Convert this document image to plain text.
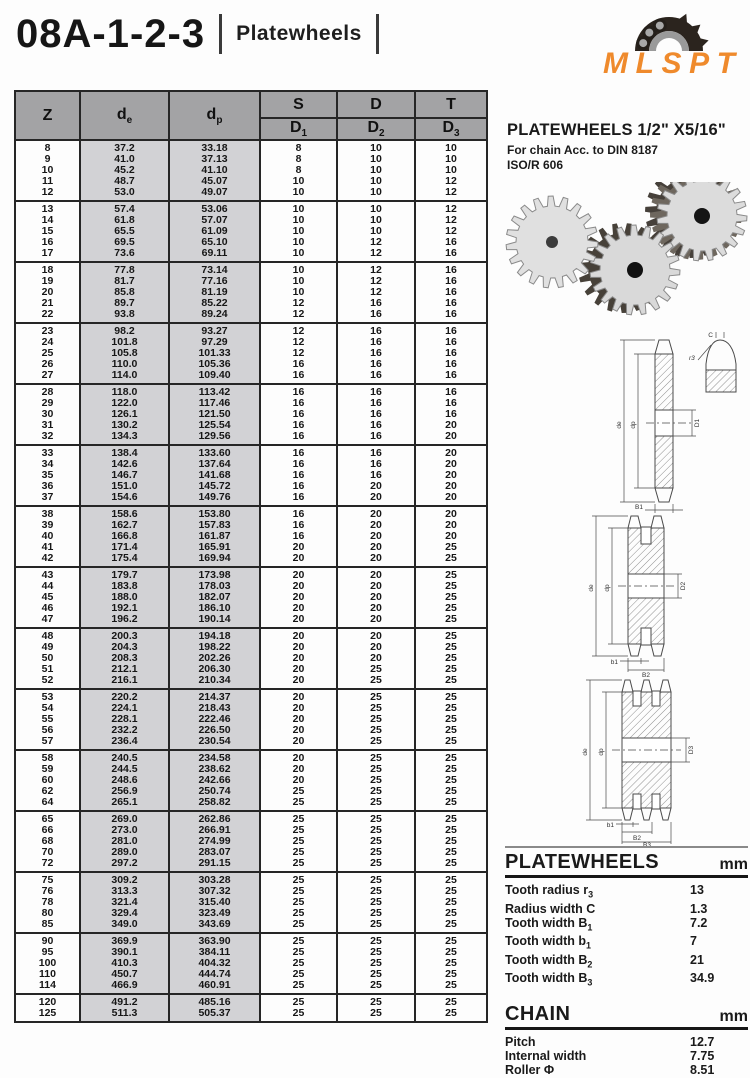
08A-1-2-3 Platewheels
MLSPT
Z	$d_e$	$d_p$	S	D	T
			$D_1$	$D_2$	$D_3$
8	37.2	33.18	8	10	10
9	41.0	37.13	8	10	10
10	45.2	41.10	8	10	10
11	48.7	45.07	10	10	12
12	53.0	49.07	10	10	12
13	57.4	53.06	10	10	12
14	61.8	57.07	10	10	12
15	65.5	61.09	10	10	12
16	69.5	65.10	10	12	16
17	73.6	69.11	10	12	16
18	77.8	73.14	10	12	16
19	81.7	77.16	10	12	16
20	85.8	81.19	10	12	16
21	89.7	85.22	12	16	16
22	93.8	89.24	12	16	16
23	98.2	93.27	12	16	16
24	101.8	97.29	12	16	16
25	105.8	101.33	12	16	16
26	110.0	105.36	16	16	16
27	114.0	109.40	16	16	16
28	118.0	113.42	16	16	16
29	122.0	117.46	16	16	16
30	126.1	121.50	16	16	16
31	130.2	125.54	16	16	20
32	134.3	129.56	16	16	20
33	138.4	133.60	16	16	20
34	142.6	137.64	16	16	20
35	146.7	141.68	16	16	20
36	151.0	145.72	16	20	20
37	154.6	149.76	16	20	20
38	158.6	153.80	16	20	20
39	162.7	157.83	16	20	20
40	166.8	161.87	16	20	20
41	171.4	165.91	20	20	25
42	175.4	169.94	20	20	25
43	179.7	173.98	20	20	25
44	183.8	178.03	20	20	25
45	188.0	182.07	20	20	25
46	192.1	186.10	20	20	25
47	196.2	190.14	20	20	25
48	200.3	194.18	20	20	25
49	204.3	198.22	20	20	25
50	208.3	202.26	20	20	25
51	212.1	206.30	20	25	25
52	216.1	210.34	20	25	25
53	220.2	214.37	20	25	25
54	224.1	218.43	20	25	25
55	228.1	222.46	20	25	25
56	232.2	226.50	20	25	25
57	236.4	230.54	20	25	25
58	240.5	234.58	20	25	25
59	244.5	238.62	20	25	25
60	248.6	242.66	20	25	25
62	256.9	250.74	25	25	25
64	265.1	258.82	25	25	25
65	269.0	262.86	25	25	25
66	273.0	266.91	25	25	25
68	281.0	274.99	25	25	25
70	289.0	283.07	25	25	25
72	297.2	291.15	25	25	25
75	309.2	303.28	25	25	25
76	313.3	307.32	25	25	25
78	321.4	315.40	25	25	25
80	329.4	323.49	25	25	25
85	349.0	343.69	25	25	25
90	369.9	363.90	25	25	25
95	390.1	384.11	25	25	25
100	410.3	404.32	25	25	25
110	450.7	444.74	25	25	25
114	466.9	460.91	25	25	25
120	491.2	485.16	25	25	25
125	511.3	505.37	25	25	25
PLATEWHEELS 1/2" X5/16"
For chain Acc. to DIN 8187
ISO/R 606
C
r3
de dp	D1
B1
de dp	D2
b1
B2
de dp	D3
b1
B2
B3
PLATEWHEELS	mm
Tooth radius $r_3$	13
Radius width C	1.3
Tooth width $B_1$	7.2
Tooth width $b_1$	7
Tooth width $B_2$	21
Tooth width $B_3$	34.9
CHAIN	mm
Pitch	12.7
Internal width	7.75
Roller Φ	8.51
